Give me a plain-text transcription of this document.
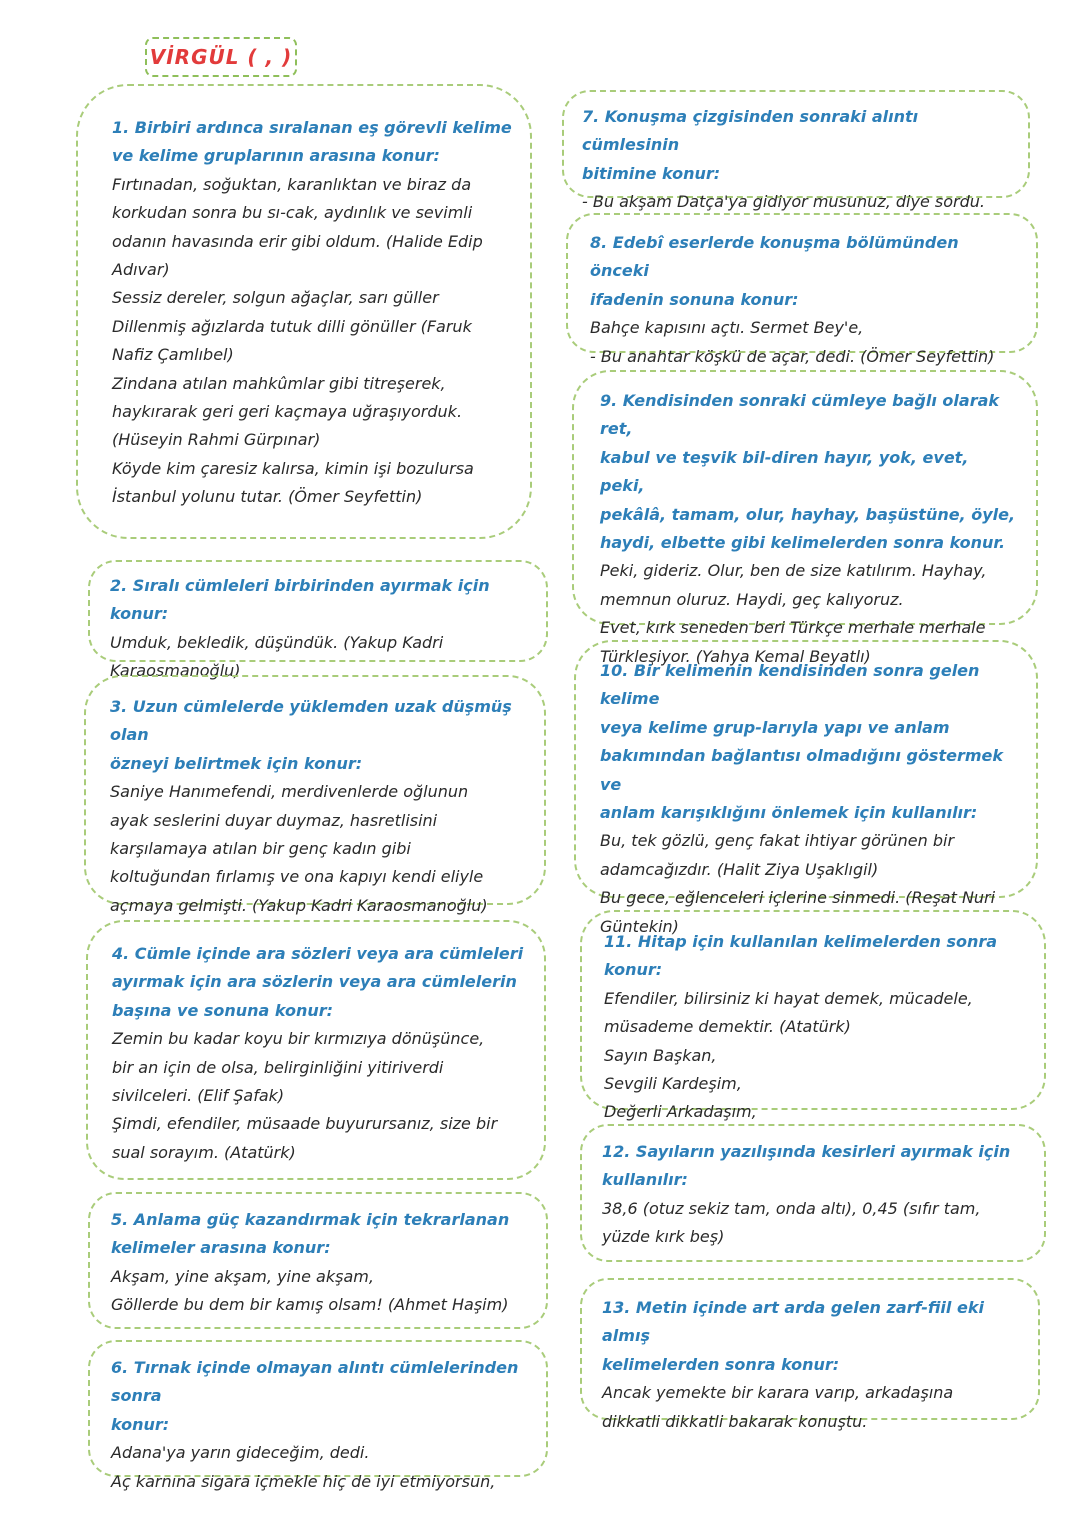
VİRGÜL ( , )

1. Birbiri ardınca sıralanan eş görevli kelime
ve kelime gruplarının arasına konur:

Fırtınadan, soğuktan, karanlıktan ve biraz da
korkudan sonra bu sı-cak, aydınlık ve sevimli
odanın havasında erir gibi oldum. (Halide Edip
Adıvar)
Sessiz dereler, solgun ağaçlar, sarı güller
Dillenmiş ağızlarda tutuk dilli gönüller (Faruk
Nafiz Çamlıbel)
Zindana atılan mahkûmlar gibi titreşerek,
haykırarak geri geri kaçmaya uğraşıyorduk.
(Hüseyin Rahmi Gürpınar)
Köyde kim çaresiz kalırsa, kimin işi bozulursa
İstanbul yolunu tutar. (Ömer Seyfettin)

2. Sıralı cümleleri birbirinden ayırmak için konur:

Umduk, bekledik, düşündük. (Yakup Kadri
Karaosmanoğlu)

3. Uzun cümlelerde yüklemden uzak düşmüş olan
özneyi belirtmek için konur:

Saniye Hanımefendi, merdivenlerde oğlunun
ayak seslerini duyar duymaz, hasretlisini
karşılamaya atılan bir genç kadın gibi
koltuğundan fırlamış ve ona kapıyı kendi eliyle
açmaya gelmişti. (Yakup Kadri Karaosmanoğlu)

4. Cümle içinde ara sözleri veya ara cümleleri
ayırmak için ara sözlerin veya ara cümlelerin
başına ve sonuna konur:

Zemin bu kadar koyu bir kırmızıya dönüşünce,
bir an için de olsa, belirginliğini yitiriverdi
sivilceleri. (Elif Şafak)
Şimdi, efendiler, müsaade buyurursanız, size bir
sual sorayım. (Atatürk)

5. Anlama güç kazandırmak için tekrarlanan
kelimeler arasına konur:

Akşam, yine akşam, yine akşam,
Göllerde bu dem bir kamış olsam! (Ahmet Haşim)

6. Tırnak içinde olmayan alıntı cümlelerinden sonra
konur:

Adana'ya yarın gideceğim, dedi.
Aç karnına sigara içmekle hiç de iyi etmiyorsun,

7. Konuşma çizgisinden sonraki alıntı cümlesinin
bitimine konur:

- Bu akşam Datça'ya gidiyor musunuz, diye sordu.

8. Edebî eserlerde konuşma bölümünden önceki
ifadenin sonuna konur:

Bahçe kapısını açtı. Sermet Bey'e,
- Bu anahtar köşkü de açar, dedi. (Ömer Seyfettin)

9. Kendisinden sonraki cümleye bağlı olarak ret,
kabul ve teşvik bil-diren hayır, yok, evet, peki,
pekâlâ, tamam, olur, hayhay, başüstüne, öyle,
haydi, elbette gibi kelimelerden sonra konur.

Peki, gideriz. Olur, ben de size katılırım. Hayhay,
memnun oluruz. Haydi, geç kalıyoruz.
Evet, kırk seneden beri Türkçe merhale merhale
Türkleşiyor. (Yahya Kemal Beyatlı)

10. Bir kelimenin kendisinden sonra gelen kelime
veya kelime grup-larıyla yapı ve anlam
bakımından bağlantısı olmadığını göstermek ve
anlam karışıklığını önlemek için kullanılır:

Bu, tek gözlü, genç fakat ihtiyar görünen bir
adamcağızdır. (Halit Ziya Uşaklıgil)
Bu gece, eğlenceleri içlerine sinmedi. (Reşat Nuri
Güntekin)

11. Hitap için kullanılan kelimelerden sonra konur:

Efendiler, bilirsiniz ki hayat demek, mücadele,
müsademe demektir. (Atatürk)
Sayın Başkan,
Sevgili Kardeşim,
Değerli Arkadaşım,

12. Sayıların yazılışında kesirleri ayırmak için
kullanılır:

38,6 (otuz sekiz tam, onda altı), 0,45 (sıfır tam,
yüzde kırk beş)

13. Metin içinde art arda gelen zarf-fiil eki almış
kelimelerden sonra konur:

Ancak yemekte bir karara varıp, arkadaşına
dikkatli dikkatli bakarak konuştu.
